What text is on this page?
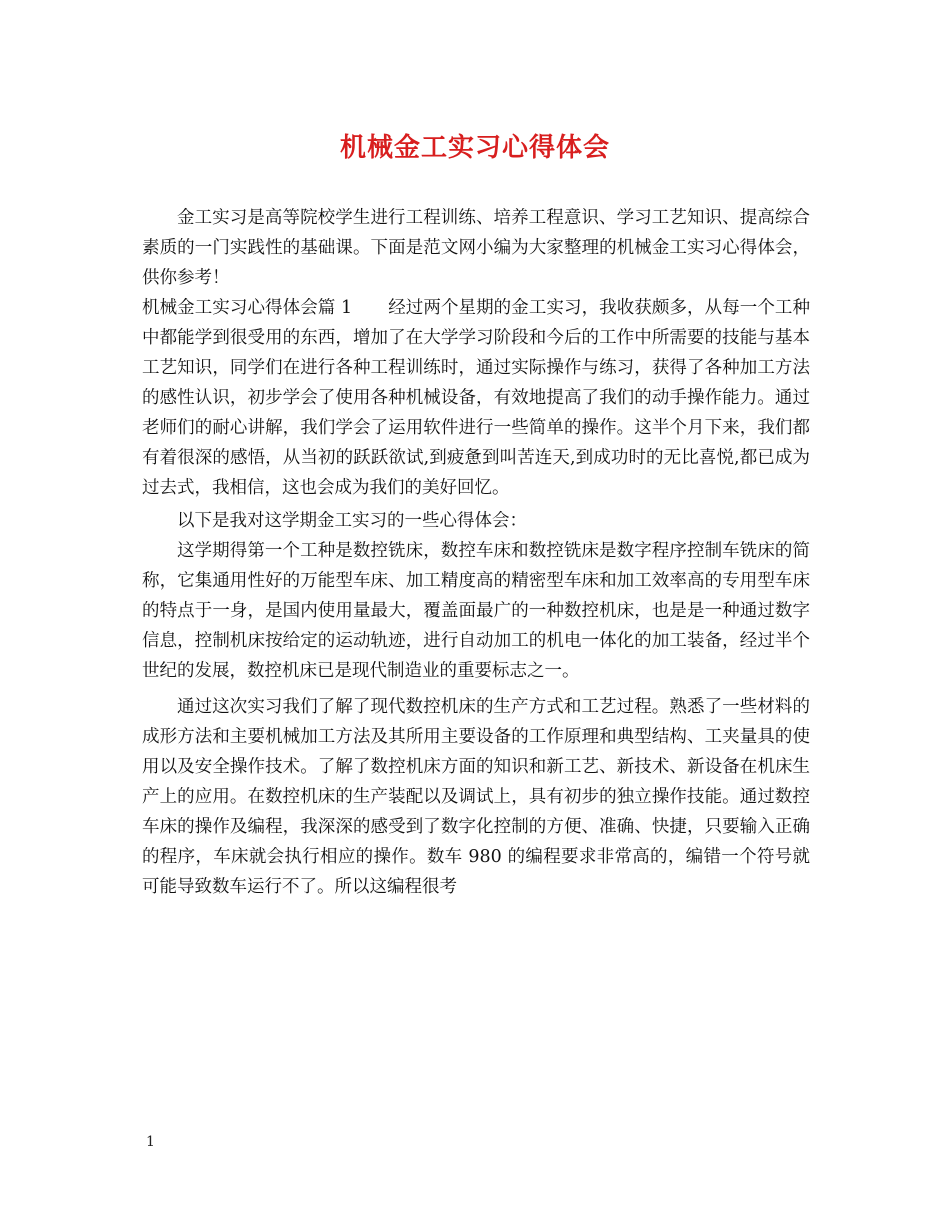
机械金工实习心得体会

金工实习是高等院校学生进行工程训练、培养工程意识、学习工艺知识、提高综合素质的一门实践性的基础课。下面是范文网小编为大家整理的机械金工实习心得体会，供你参考！

机械金工实习心得体会篇 1 经过两个星期的金工实习，我收获颇多，从每一个工种中都能学到很受用的东西，增加了在大学学习阶段和今后的工作中所需要的技能与基本工艺知识，同学们在进行各种工程训练时，通过实际操作与练习，获得了各种加工方法的感性认识，初步学会了使用各种机械设备，有效地提高了我们的动手操作能力。通过老师们的耐心讲解，我们学会了运用软件进行一些简单的操作。这半个月下来，我们都有着很深的感悟，从当初的跃跃欲试,到疲惫到叫苦连天,到成功时的无比喜悦,都已成为过去式，我相信，这也会成为我们的美好回忆。

以下是我对这学期金工实习的一些心得体会：

这学期得第一个工种是数控铣床，数控车床和数控铣床是数字程序控制车铣床的简称，它集通用性好的万能型车床、加工精度高的精密型车床和加工效率高的专用型车床的特点于一身，是国内使用量最大，覆盖面最广的一种数控机床，也是是一种通过数字信息，控制机床按给定的运动轨迹，进行自动加工的机电一体化的加工装备，经过半个世纪的发展，数控机床已是现代制造业的重要标志之一。

通过这次实习我们了解了现代数控机床的生产方式和工艺过程。熟悉了一些材料的成形方法和主要机械加工方法及其所用主要设备的工作原理和典型结构、工夹量具的使用以及安全操作技术。了解了数控机床方面的知识和新工艺、新技术、新设备在机床生产上的应用。在数控机床的生产装配以及调试上，具有初步的独立操作技能。通过数控车床的操作及编程，我深深的感受到了数字化控制的方便、准确、快捷，只要输入正确的程序，车床就会执行相应的操作。数车 980 的编程要求非常高的，编错一个符号就可能导致数车运行不了。所以这编程很考

1
